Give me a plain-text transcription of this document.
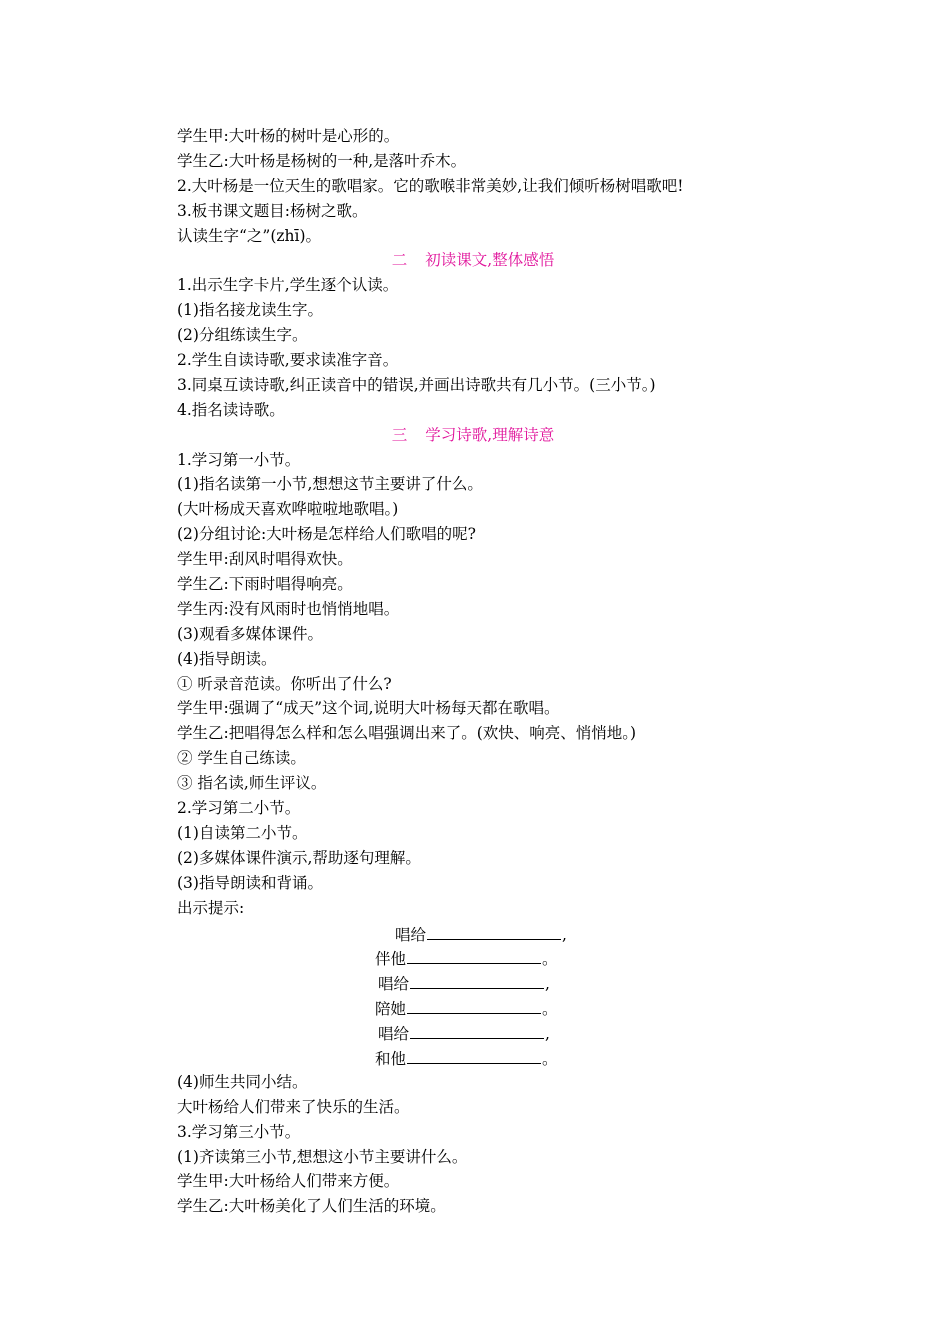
学生甲:大叶杨的树叶是心形的。
学生乙:大叶杨是杨树的一种,是落叶乔木。
2.大叶杨是一位天生的歌唱家。它的歌喉非常美妙,让我们倾听杨树唱歌吧!
3.板书课文题目:杨树之歌。
认读生字“之”(zhī)。
二 初读课文,整体感悟
1.出示生字卡片,学生逐个认读。
(1)指名接龙读生字。
(2)分组练读生字。
2.学生自读诗歌,要求读准字音。
3.同桌互读诗歌,纠正读音中的错误,并画出诗歌共有几小节。(三小节。)
4.指名读诗歌。
三 学习诗歌,理解诗意
1.学习第一小节。
(1)指名读第一小节,想想这节主要讲了什么。
(大叶杨成天喜欢哗啦啦地歌唱。)
(2)分组讨论:大叶杨是怎样给人们歌唱的呢?
学生甲:刮风时唱得欢快。
学生乙:下雨时唱得响亮。
学生丙:没有风雨时也悄悄地唱。
(3)观看多媒体课件。
(4)指导朗读。
① 听录音范读。你听出了什么?
学生甲:强调了“成天”这个词,说明大叶杨每天都在歌唱。
学生乙:把唱得怎么样和怎么唱强调出来了。(欢快、响亮、悄悄地。)
② 学生自己练读。
③ 指名读,师生评议。
2.学习第二小节。
(1)自读第二小节。
(2)多媒体课件演示,帮助逐句理解。
(3)指导朗读和背诵。
出示提示:
唱给	,
伴他	。
唱给	,
陪她	。
唱给	,
和他	。
(4)师生共同小结。
大叶杨给人们带来了快乐的生活。
3.学习第三小节。
(1)齐读第三小节,想想这小节主要讲什么。
学生甲:大叶杨给人们带来方便。
学生乙:大叶杨美化了人们生活的环境。
